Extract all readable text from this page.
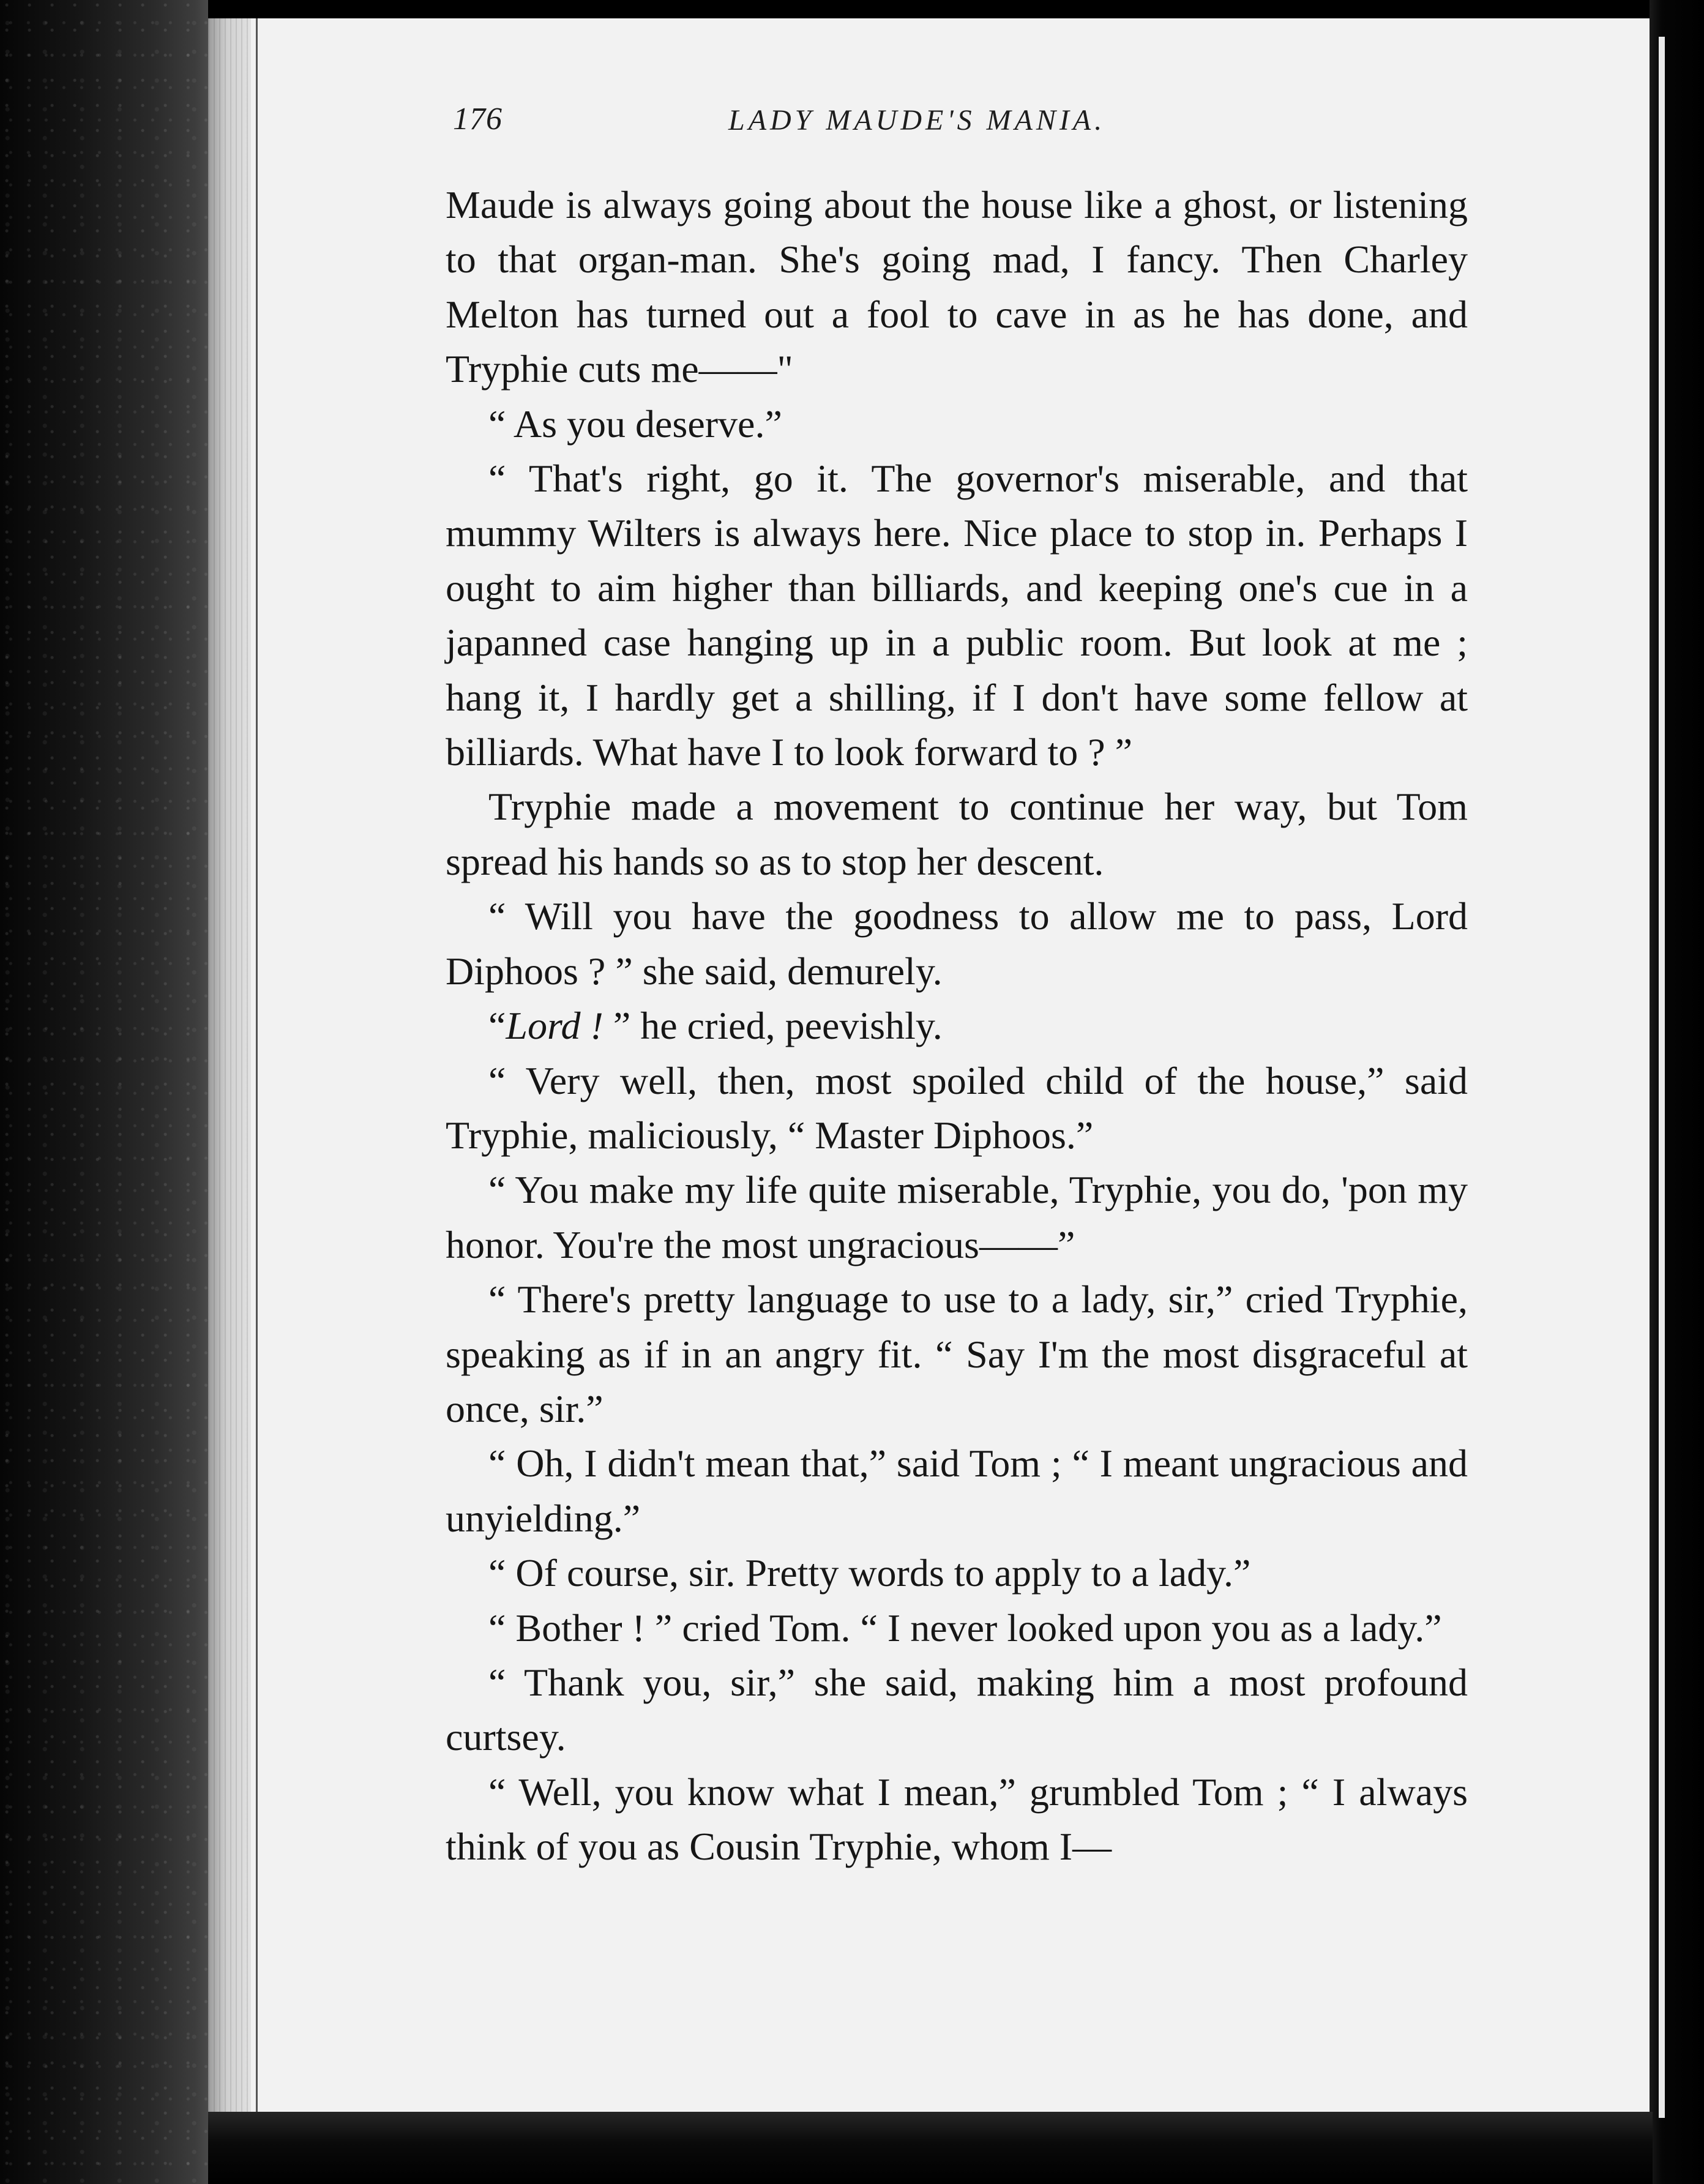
176	LADY MAUDE'S MANIA.

Maude is always going about the house like a ghost, or listening to that organ-man. She's going mad, I fancy. Then Charley Melton has turned out a fool to cave in as he has done, and Tryphie cuts me——"

“ As you deserve.”

“ That's right, go it. The governor's miserable, and that mummy Wilters is always here. Nice place to stop in. Perhaps I ought to aim higher than billiards, and keeping one's cue in a japanned case hanging up in a public room. But look at me ; hang it, I hardly get a shilling, if I don't have some fellow at billiards. What have I to look forward to ? ”

Tryphie made a movement to continue her way, but Tom spread his hands so as to stop her descent.

“ Will you have the goodness to allow me to pass, Lord Diphoos ? ” she said, demurely.

“Lord ! ” he cried, peevishly.

“ Very well, then, most spoiled child of the house,” said Tryphie, maliciously, “ Master Diphoos.”

“ You make my life quite miserable, Tryphie, you do, 'pon my honor. You're the most ungracious——”

“ There's pretty language to use to a lady, sir,” cried Tryphie, speaking as if in an angry fit. “ Say I'm the most disgraceful at once, sir.”

“ Oh, I didn't mean that,” said Tom ; “ I meant ungracious and unyielding.”

“ Of course, sir. Pretty words to apply to a lady.”

“ Bother ! ” cried Tom. “ I never looked upon you as a lady.”

“ Thank you, sir,” she said, making him a most profound curtsey.

“ Well, you know what I mean,” grumbled Tom ; “ I always think of you as Cousin Tryphie, whom I—
